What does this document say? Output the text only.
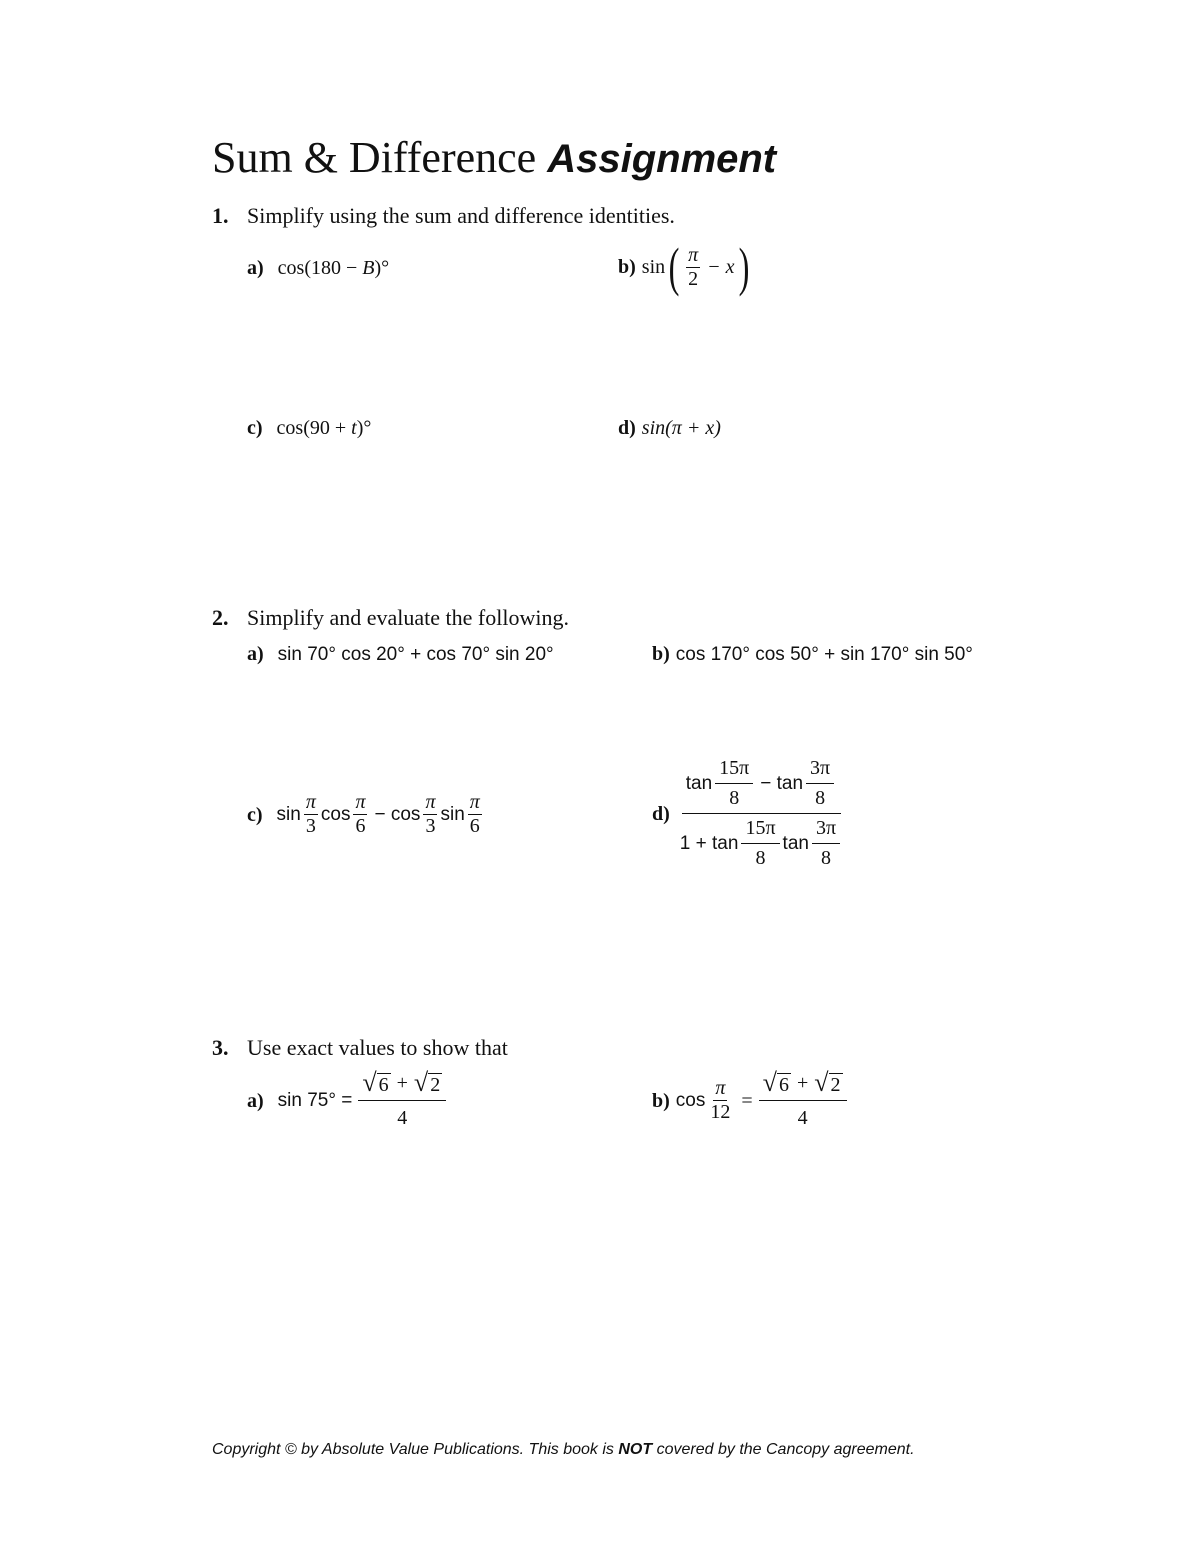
Sum & Difference Assignment
1. Simplify using the sum and difference identities.
a) cos(180 − B)°	b) sin ( $\frac{\pi}{2} - x$ )
c) cos(90 + t)°	d) sin(π + x)
2. Simplify and evaluate the following.
a) sin 70° cos 20° + cos 70° sin 20°	b) cos 170° cos 50° + sin 170° sin 50°
c) $\sin \frac{\pi}{3}$ $\cos \frac{\pi}{6} - \cos \frac{\pi}{3}$ $\sin \frac{\pi}{6}$	$d) \frac{\tan \frac{15\pi}{8} - \tan \frac{3\pi}{8}}{1 + \tan \frac{15\pi}{8} \tan \frac{3\pi}{8}}$
3. Use exact values to show that
a) $\sin 75^\circ = \frac{√ 6 + √ 2}{4}$	b) $\cos \frac{\pi}{12} = \frac{√ 6 + √ 2}{4}$
Copyright © by Absolute Value Publications. This book is NOT covered by the Cancopy agreement.
